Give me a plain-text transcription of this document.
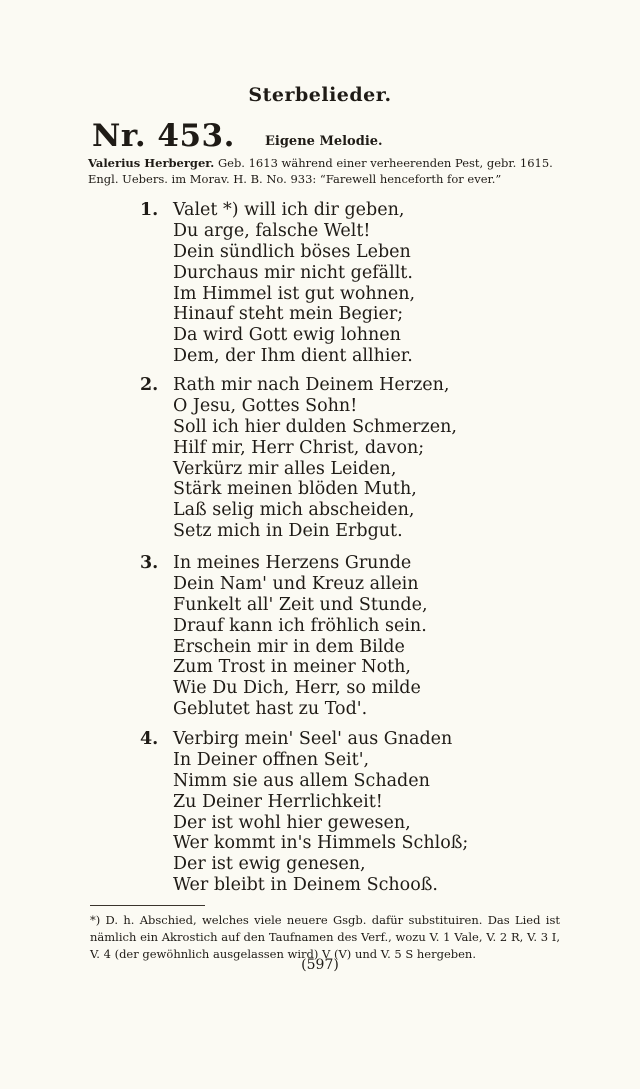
Sterbelieder.
Nr. 453. Eigene Melodie.
Valerius Herberger. Geb. 1613 während einer verheerenden Pest, gebr. 1615.
Engl. Uebers. im Morav. H. B. No. 933: “Farewell henceforth for ever.”
1. Valet *) will ich dir geben,
Du arge, falsche Welt!
Dein sündlich böses Leben
Durchaus mir nicht gefällt.
Im Himmel ist gut wohnen,
Hinauf steht mein Begier;
Da wird Gott ewig lohnen
Dem, der Ihm dient allhier.
2. Rath mir nach Deinem Herzen,
O Jesu, Gottes Sohn!
Soll ich hier dulden Schmerzen,
Hilf mir, Herr Christ, davon;
Verkürz mir alles Leiden,
Stärk meinen blöden Muth,
Laß selig mich abscheiden,
Setz mich in Dein Erbgut.
3. In meines Herzens Grunde
Dein Nam' und Kreuz allein
Funkelt all' Zeit und Stunde,
Drauf kann ich fröhlich sein.
Erschein mir in dem Bilde
Zum Trost in meiner Noth,
Wie Du Dich, Herr, so milde
Geblutet hast zu Tod'.
4. Verbirg mein' Seel' aus Gnaden
In Deiner offnen Seit',
Nimm sie aus allem Schaden
Zu Deiner Herrlichkeit!
Der ist wohl hier gewesen,
Wer kommt in's Himmels Schloß;
Der ist ewig genesen,
Wer bleibt in Deinem Schooß.
*) D. h. Abschied, welches viele neuere Gsgb. dafür substituiren. Das Lied ist nämlich ein Akrostich auf den Taufnamen des Verf., wozu V. 1 Vale, V. 2 R, V. 3 I, V. 4 (der gewöhnlich ausgelassen wird) V (V) und V. 5 S hergeben.
(597)
